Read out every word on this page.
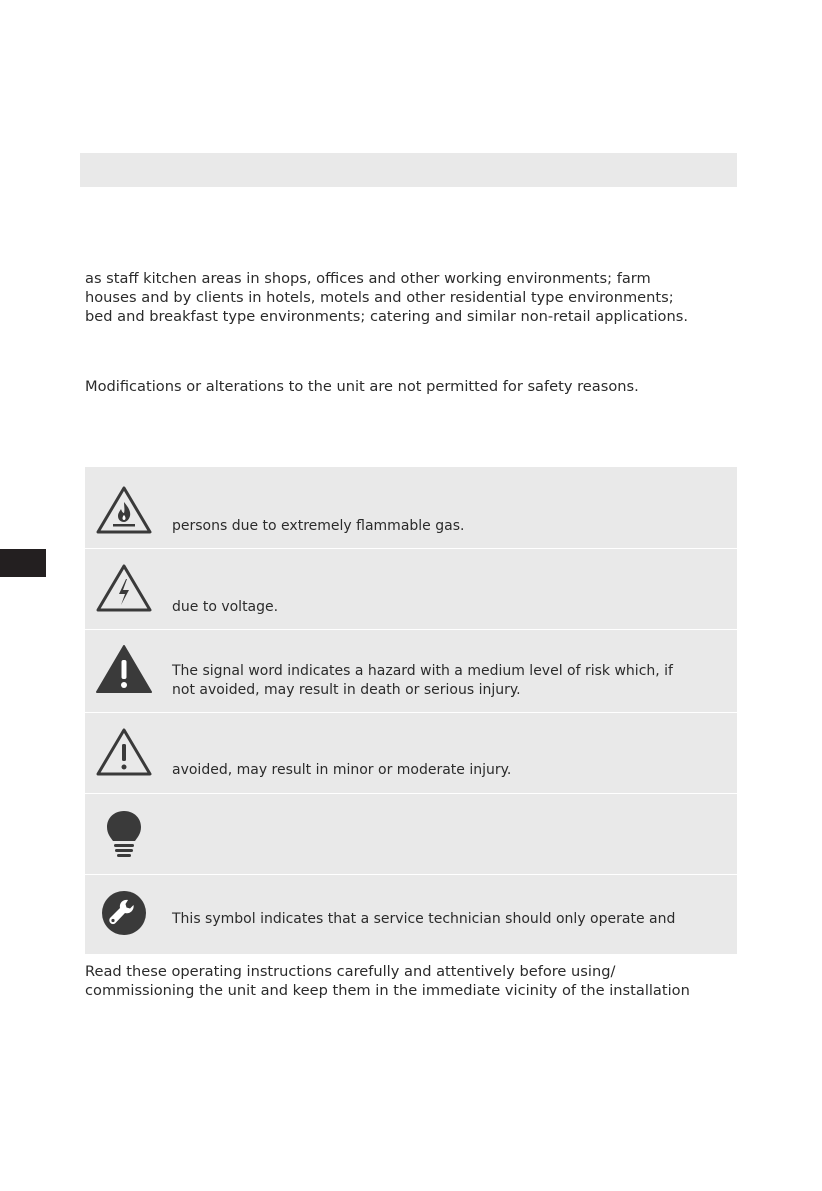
as staff kitchen areas in shops, offices and other working environments; farm
houses and by clients in hotels, motels and other residential type environments;
bed and breakfast type environments; catering and similar non-retail applications.

Modifications or alterations to the unit are not permitted for safety reasons.

persons due to extremely flammable gas.
due to voltage.
The signal word indicates a hazard with a medium level of risk which, if
not avoided, may result in death or serious injury.
avoided, may result in minor or moderate injury.
This symbol indicates that a service technician should only operate and

Read these operating instructions carefully and attentively before using/
commissioning the unit and keep them in the immediate vicinity of the installation
